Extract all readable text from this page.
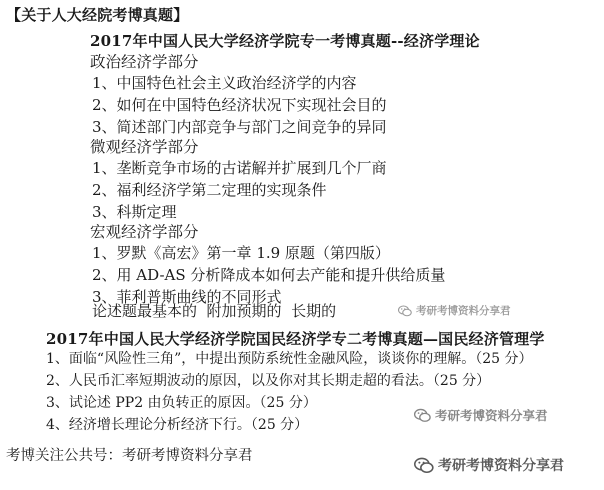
【关于人大经院考博真题】
2017年中国人民大学经济学院专一考博真题--经济学理论
政治经济学部分
1、中国特色社会主义政治经济学的内容
2、如何在中国特色经济状况下实现社会目的
3、简述部门内部竞争与部门之间竞争的异同
微观经济学部分
1、垄断竞争市场的古诺解并扩展到几个厂商
2、福利经济学第二定理的实现条件
3、科斯定理
宏观经济学部分
1、罗默《高宏》第一章 1.9 原题（第四版）
2、用 AD-AS 分析降成本如何去产能和提升供给质量
3、菲利普斯曲线的不同形式
论述题最基本的  附加预期的  长期的	考研考博资料分享君
2017年中国人民大学经济学院国民经济学专二考博真题—国民经济管理学
1、面临“风险性三角”，中提出预防系统性金融风险，谈谈你的理解。（25 分）
2、人民币汇率短期波动的原因，以及你对其长期走超的看法。（25 分）
3、试论述 PP2 由负转正的原因。（25 分）
4、经济增长理论分析经济下行。（25 分）
考研考博资料分享君
考博关注公共号：考研考博资料分享君
考研考博资料分享君
